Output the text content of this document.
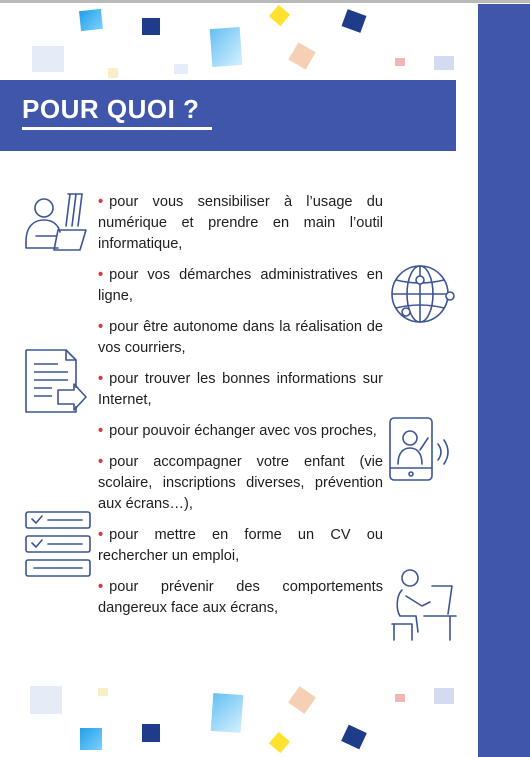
POUR QUOI ?
• pour vous sensibiliser à l’usage du numérique et prendre en main l’outil informatique,
• pour vos démarches administratives en ligne,
• pour être autonome dans la réalisation de vos courriers,
• pour trouver les bonnes informations sur Internet,
• pour pouvoir échanger avec vos proches,
• pour accompagner votre enfant (vie scolaire, inscriptions diverses, prévention aux écrans…),
• pour mettre en forme un CV ou rechercher un emploi,
• pour prévenir des comportements dangereux face aux écrans,
